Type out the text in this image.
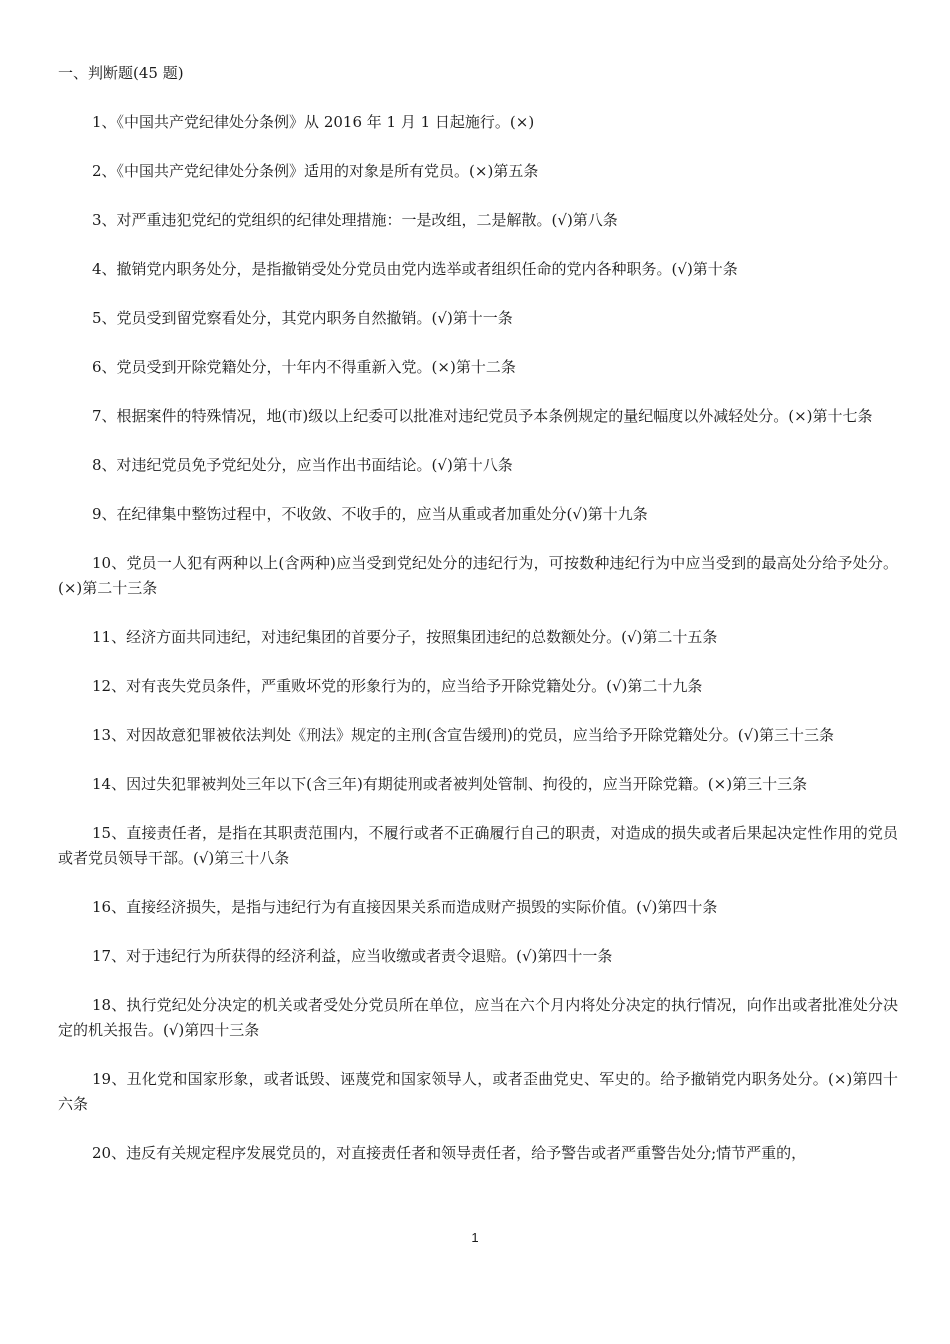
一、判断题(45 题)

1、《中国共产党纪律处分条例》从 2016 年 1 月 1 日起施行。(×)

2、《中国共产党纪律处分条例》适用的对象是所有党员。(×)第五条

3、对严重违犯党纪的党组织的纪律处理措施：一是改组，二是解散。(√)第八条

4、撤销党内职务处分，是指撤销受处分党员由党内选举或者组织任命的党内各种职务。(√)第十条

5、党员受到留党察看处分，其党内职务自然撤销。(√)第十一条

6、党员受到开除党籍处分，十年内不得重新入党。(×)第十二条

7、根据案件的特殊情况，地(市)级以上纪委可以批准对违纪党员予本条例规定的量纪幅度以外减轻处分。(×)第十七条

8、对违纪党员免予党纪处分，应当作出书面结论。(√)第十八条

9、在纪律集中整饬过程中，不收敛、不收手的，应当从重或者加重处分(√)第十九条

10、党员一人犯有两种以上(含两种)应当受到党纪处分的违纪行为，可按数种违纪行为中应当受到的最高处分给予处分。(×)第二十三条

11、经济方面共同违纪，对违纪集团的首要分子，按照集团违纪的总数额处分。(√)第二十五条

12、对有丧失党员条件，严重败坏党的形象行为的，应当给予开除党籍处分。(√)第二十九条

13、对因故意犯罪被依法判处《刑法》规定的主刑(含宣告缓刑)的党员，应当给予开除党籍处分。(√)第三十三条

14、因过失犯罪被判处三年以下(含三年)有期徒刑或者被判处管制、拘役的，应当开除党籍。(×)第三十三条

15、直接责任者，是指在其职责范围内，不履行或者不正确履行自己的职责，对造成的损失或者后果起决定性作用的党员或者党员领导干部。(√)第三十八条

16、直接经济损失，是指与违纪行为有直接因果关系而造成财产损毁的实际价值。(√)第四十条

17、对于违纪行为所获得的经济利益，应当收缴或者责令退赔。(√)第四十一条

18、执行党纪处分决定的机关或者受处分党员所在单位，应当在六个月内将处分决定的执行情况，向作出或者批准处分决定的机关报告。(√)第四十三条

19、丑化党和国家形象，或者诋毁、诬蔑党和国家领导人，或者歪曲党史、军史的。给予撤销党内职务处分。(×)第四十六条

20、违反有关规定程序发展党员的，对直接责任者和领导责任者，给予警告或者严重警告处分;情节严重的，

1
